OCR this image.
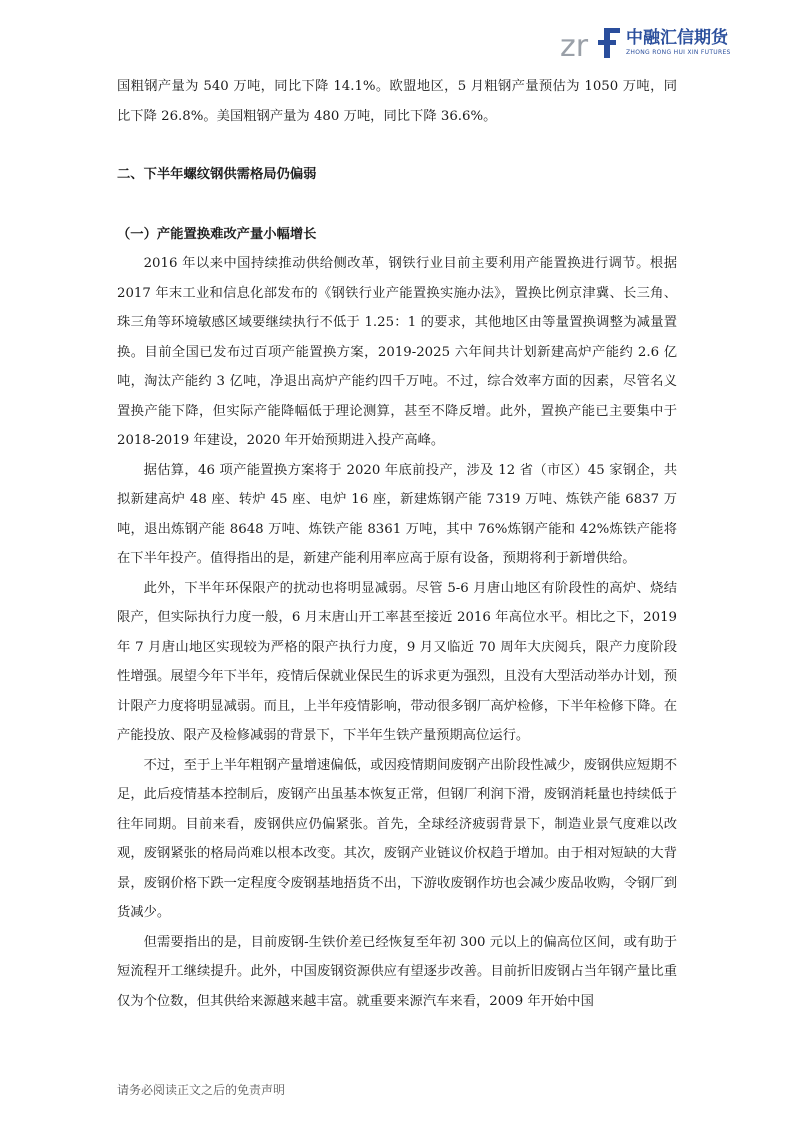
zr 中融汇信期货
ZHONG RONG HUI XIN FUTURES

国粗钢产量为 540 万吨，同比下降 14.1%。欧盟地区，5 月粗钢产量预估为 1050 万吨，同比下降 26.8%。美国粗钢产量为 480 万吨，同比下降 36.6%。

二、下半年螺纹钢供需格局仍偏弱

（一）产能置换难改产量小幅增长

2016 年以来中国持续推动供给侧改革，钢铁行业目前主要利用产能置换进行调节。根据 2017 年末工业和信息化部发布的《钢铁行业产能置换实施办法》，置换比例京津冀、长三角、珠三角等环境敏感区域要继续执行不低于 1.25：1 的要求，其他地区由等量置换调整为减量置换。目前全国已发布过百项产能置换方案，2019-2025 六年间共计划新建高炉产能约 2.6 亿吨，淘汰产能约 3 亿吨，净退出高炉产能约四千万吨。不过，综合效率方面的因素，尽管名义置换产能下降，但实际产能降幅低于理论测算，甚至不降反增。此外，置换产能已主要集中于 2018-2019 年建设，2020 年开始预期进入投产高峰。

据估算，46 项产能置换方案将于 2020 年底前投产，涉及 12 省（市区）45 家钢企，共拟新建高炉 48 座、转炉 45 座、电炉 16 座，新建炼钢产能 7319 万吨、炼铁产能 6837 万吨，退出炼钢产能 8648 万吨、炼铁产能 8361 万吨，其中 76%炼钢产能和 42%炼铁产能将在下半年投产。值得指出的是，新建产能利用率应高于原有设备，预期将利于新增供给。

此外，下半年环保限产的扰动也将明显减弱。尽管 5-6 月唐山地区有阶段性的高炉、烧结限产，但实际执行力度一般，6 月末唐山开工率甚至接近 2016 年高位水平。相比之下，2019 年 7 月唐山地区实现较为严格的限产执行力度，9 月又临近 70 周年大庆阅兵，限产力度阶段性增强。展望今年下半年，疫情后保就业保民生的诉求更为强烈，且没有大型活动举办计划，预计限产力度将明显减弱。而且，上半年疫情影响，带动很多钢厂高炉检修，下半年检修下降。在产能投放、限产及检修减弱的背景下，下半年生铁产量预期高位运行。

不过，至于上半年粗钢产量增速偏低，或因疫情期间废钢产出阶段性减少，废钢供应短期不足，此后疫情基本控制后，废钢产出虽基本恢复正常，但钢厂利润下滑，废钢消耗量也持续低于往年同期。目前来看，废钢供应仍偏紧张。首先，全球经济疲弱背景下，制造业景气度难以改观，废钢紧张的格局尚难以根本改变。其次，废钢产业链议价权趋于增加。由于相对短缺的大背景，废钢价格下跌一定程度令废钢基地捂货不出，下游收废钢作坊也会减少废品收购，令钢厂到货减少。

但需要指出的是，目前废钢-生铁价差已经恢复至年初 300 元以上的偏高位区间，或有助于短流程开工继续提升。此外，中国废钢资源供应有望逐步改善。目前折旧废钢占当年钢产量比重仅为个位数，但其供给来源越来越丰富。就重要来源汽车来看，2009 年开始中国

请务必阅读正文之后的免责声明
